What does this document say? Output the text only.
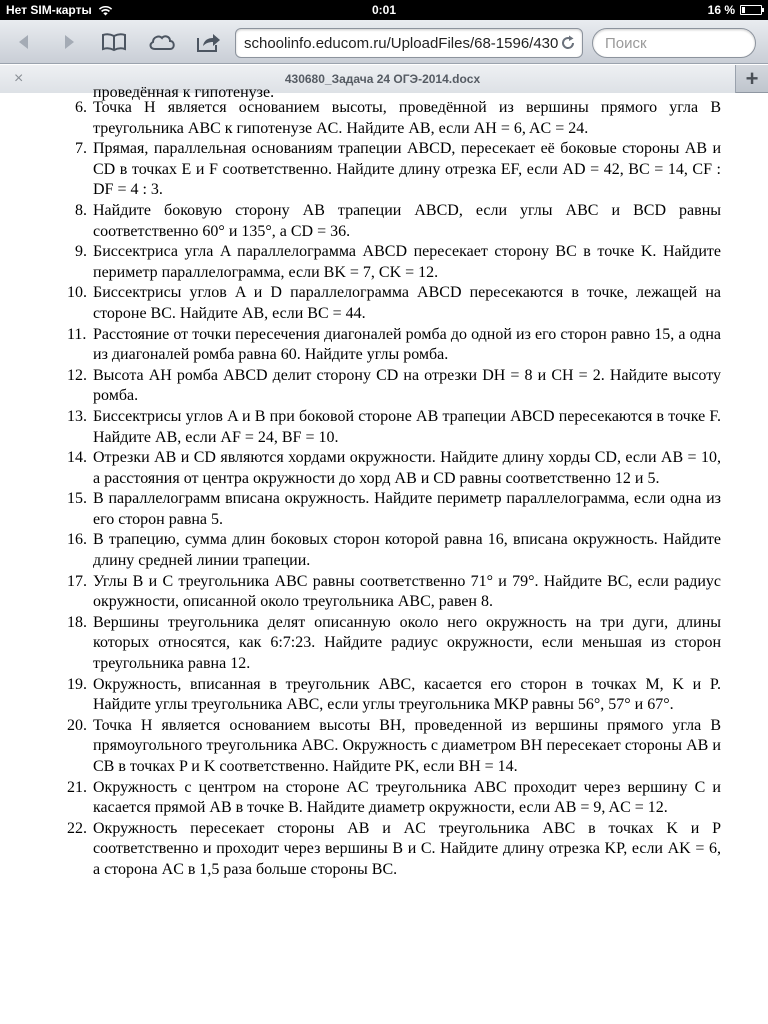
Нет SIM-карты	0:01	16 %
schoolinfo.educom.ru/UploadFiles/68-1596/430
Поиск
×	430680_Задача 24 ОГЭ-2014.docx	+
проведённая к гипотенузе.
6. Точка H является основанием высоты, проведённой из вершины прямого угла B треугольника ABC к гипотенузе AC. Найдите AB, если AH = 6, AC = 24.
7. Прямая, параллельная основаниям трапеции ABCD, пересекает её боковые стороны AB и CD в точках E и F соответственно. Найдите длину отрезка EF, если AD = 42, BC = 14, CF : DF = 4 : 3.
8. Найдите боковую сторону AB трапеции ABCD, если углы ABC и BCD равны соответственно 60° и 135°, а CD = 36.
9. Биссектриса угла A параллелограмма ABCD пересекает сторону BC в точке K. Найдите периметр параллелограмма, если BK = 7, CK = 12.
10. Биссектрисы углов A и D параллелограмма ABCD пересекаются в точке, лежащей на стороне BC. Найдите AB, если BC = 44.
11. Расстояние от точки пересечения диагоналей ромба до одной из его сторон равно 15, а одна из диагоналей ромба равна 60. Найдите углы ромба.
12. Высота AH ромба ABCD делит сторону CD на отрезки DH = 8 и CH = 2. Найдите высоту ромба.
13. Биссектрисы углов A и B при боковой стороне AB трапеции ABCD пересекаются в точке F. Найдите AB, если AF = 24, BF = 10.
14. Отрезки AB и CD являются хордами окружности. Найдите длину хорды CD, если AB = 10, а расстояния от центра окружности до хорд AB и CD равны соответственно 12 и 5.
15. В параллелограмм вписана окружность. Найдите периметр параллелограмма, если одна из его сторон равна 5.
16. В трапецию, сумма длин боковых сторон которой равна 16, вписана окружность. Найдите длину средней линии трапеции.
17. Углы B и C треугольника ABC равны соответственно 71° и 79°. Найдите BC, если радиус окружности, описанной около треугольника ABC, равен 8.
18. Вершины треугольника делят описанную около него окружность на три дуги, длины которых относятся, как 6:7:23. Найдите радиус окружности, если меньшая из сторон треугольника равна 12.
19. Окружность, вписанная в треугольник ABC, касается его сторон в точках M, K и P. Найдите углы треугольника ABC, если углы треугольника MKP равны 56°, 57° и 67°.
20. Точка H является основанием высоты BH, проведенной из вершины прямого угла B прямоугольного треугольника ABC. Окружность с диаметром BH пересекает стороны AB и CB в точках P и K соответственно. Найдите PK, если BH = 14.
21. Окружность с центром на стороне AC треугольника ABC проходит через вершину C и касается прямой AB в точке B. Найдите диаметр окружности, если AB = 9, AC = 12.
22. Окружность пересекает стороны AB и AC треугольника ABC в точках K и P соответственно и проходит через вершины B и C. Найдите длину отрезка KP, если AK = 6, а сторона AC в 1,5 раза больше стороны BC.
